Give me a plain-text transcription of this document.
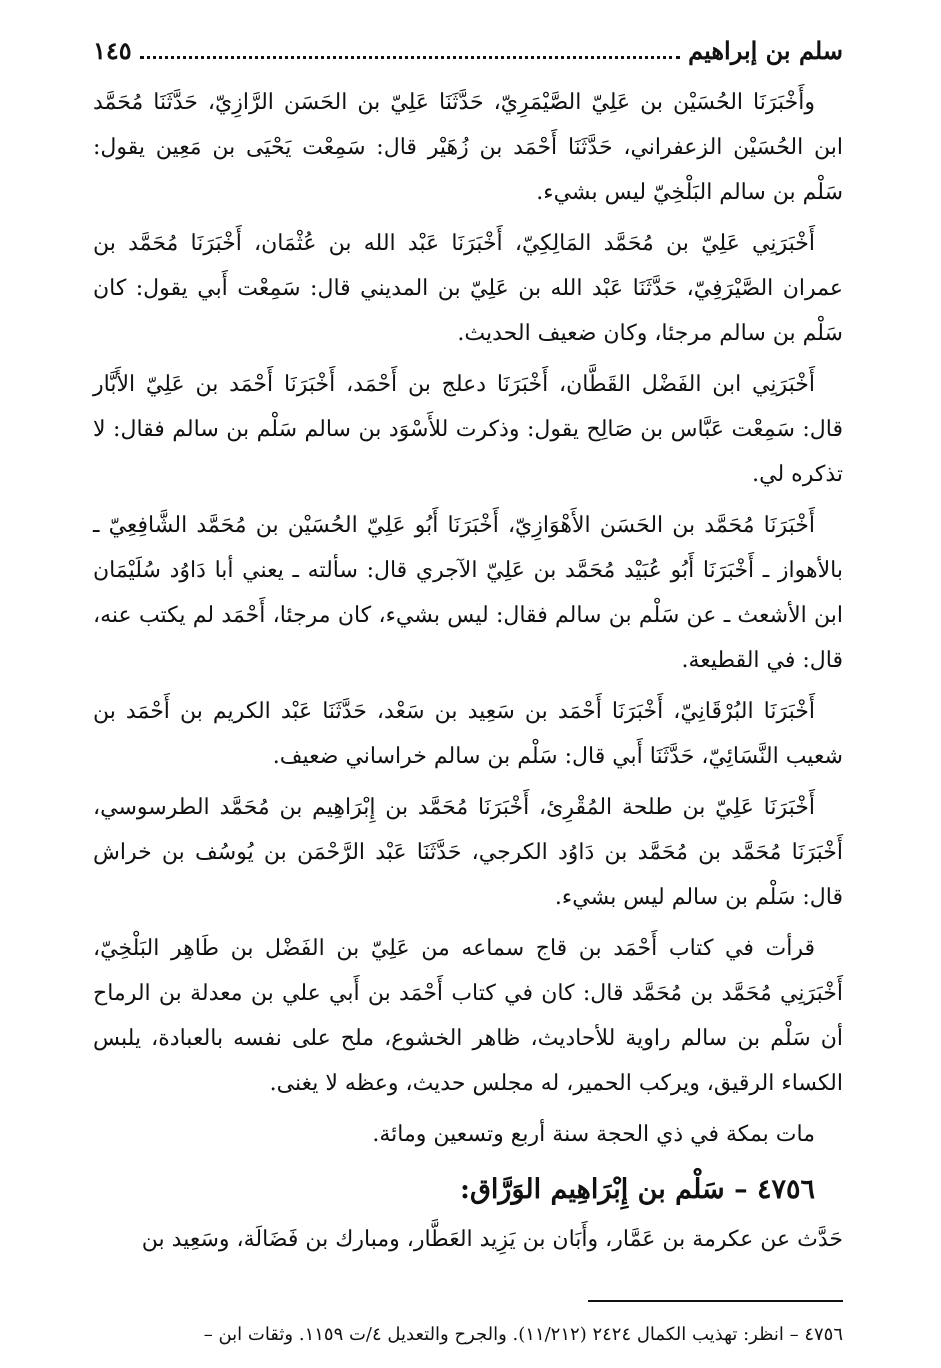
سلم بن إبراهيم
١٤٥

وأَخْبَرَنَا الحُسَيْن بن عَلِيّ الصَّيْمَرِيّ، حَدَّثَنَا عَلِيّ بن الحَسَن الرَّازِيّ، حَدَّثَنَا مُحَمَّد ابن الحُسَيْن الزعفراني، حَدَّثَنَا أَحْمَد بن زُهَيْر قال: سَمِعْت يَحْيَى بن مَعِين يقول: سَلْم بن سالم البَلْخِيّ ليس بشيء.

أَخْبَرَنِي عَلِيّ بن مُحَمَّد المَالِكِيّ، أَخْبَرَنَا عَبْد الله بن عُثْمَان، أَخْبَرَنَا مُحَمَّد بن عمران الصَّيْرَفِيّ، حَدَّثَنَا عَبْد الله بن عَلِيّ بن المديني قال: سَمِعْت أَبي يقول: كان سَلْم بن سالم مرجئا، وكان ضعيف الحديث.

أَخْبَرَنِي ابن الفَضْل القَطَّان، أَخْبَرَنَا دعلج بن أَحْمَد، أَخْبَرَنَا أَحْمَد بن عَلِيّ الأَبَّار قال: سَمِعْت عَبَّاس بن صَالِح يقول: وذكرت للأَسْوَد بن سالم سَلْم بن سالم فقال: لا تذكره لي.

أَخْبَرَنَا مُحَمَّد بن الحَسَن الأَهْوَازِيّ، أَخْبَرَنَا أَبُو عَلِيّ الحُسَيْن بن مُحَمَّد الشَّافِعِيّ ـ بالأهواز ـ أَخْبَرَنَا أَبُو عُبَيْد مُحَمَّد بن عَلِيّ الآجري قال: سألته ـ يعني أبا دَاوُد سُلَيْمَان ابن الأشعث ـ عن سَلْم بن سالم فقال: ليس بشيء، كان مرجئا، أَحْمَد لم يكتب عنه، قال: في القطيعة.

أَخْبَرَنَا البُرْقَانِيّ، أَخْبَرَنَا أَحْمَد بن سَعِيد بن سَعْد، حَدَّثَنَا عَبْد الكريم بن أَحْمَد بن شعيب النَّسَائِيّ، حَدَّثَنَا أَبي قال: سَلْم بن سالم خراساني ضعيف.

أَخْبَرَنَا عَلِيّ بن طلحة المُقْرِئ، أَخْبَرَنَا مُحَمَّد بن إِبْرَاهِيم بن مُحَمَّد الطرسوسي، أَخْبَرَنَا مُحَمَّد بن مُحَمَّد بن دَاوُد الكرجي، حَدَّثَنَا عَبْد الرَّحْمَن بن يُوسُف بن خراش قال: سَلْم بن سالم ليس بشيء.

قرأت في كتاب أَحْمَد بن قاج سماعه من عَلِيّ بن الفَضْل بن طَاهِر البَلْخِيّ، أَخْبَرَنِي مُحَمَّد بن مُحَمَّد قال: كان في كتاب أَحْمَد بن أَبي علي بن معدلة بن الرماح أن سَلْم بن سالم راوية للأحاديث، ظاهر الخشوع، ملح على نفسه بالعبادة، يلبس الكساء الرقيق، ويركب الحمير، له مجلس حديث، وعظه لا يغنى.

مات بمكة في ذي الحجة سنة أربع وتسعين ومائة.

٤٧٥٦ – سَلْم بن إِبْرَاهِيم الوَرَّاق:

حَدَّث عن عكرمة بن عَمَّار، وأَبَان بن يَزِيد العَطَّار، ومبارك بن فَضَالَة، وسَعِيد بن

٤٧٥٦ – انظر: تهذيب الكمال ٢٤٢٤ (١١/٢١٢). والجرح والتعديل ٤/ت ١١٥٩. وثقات ابن –
